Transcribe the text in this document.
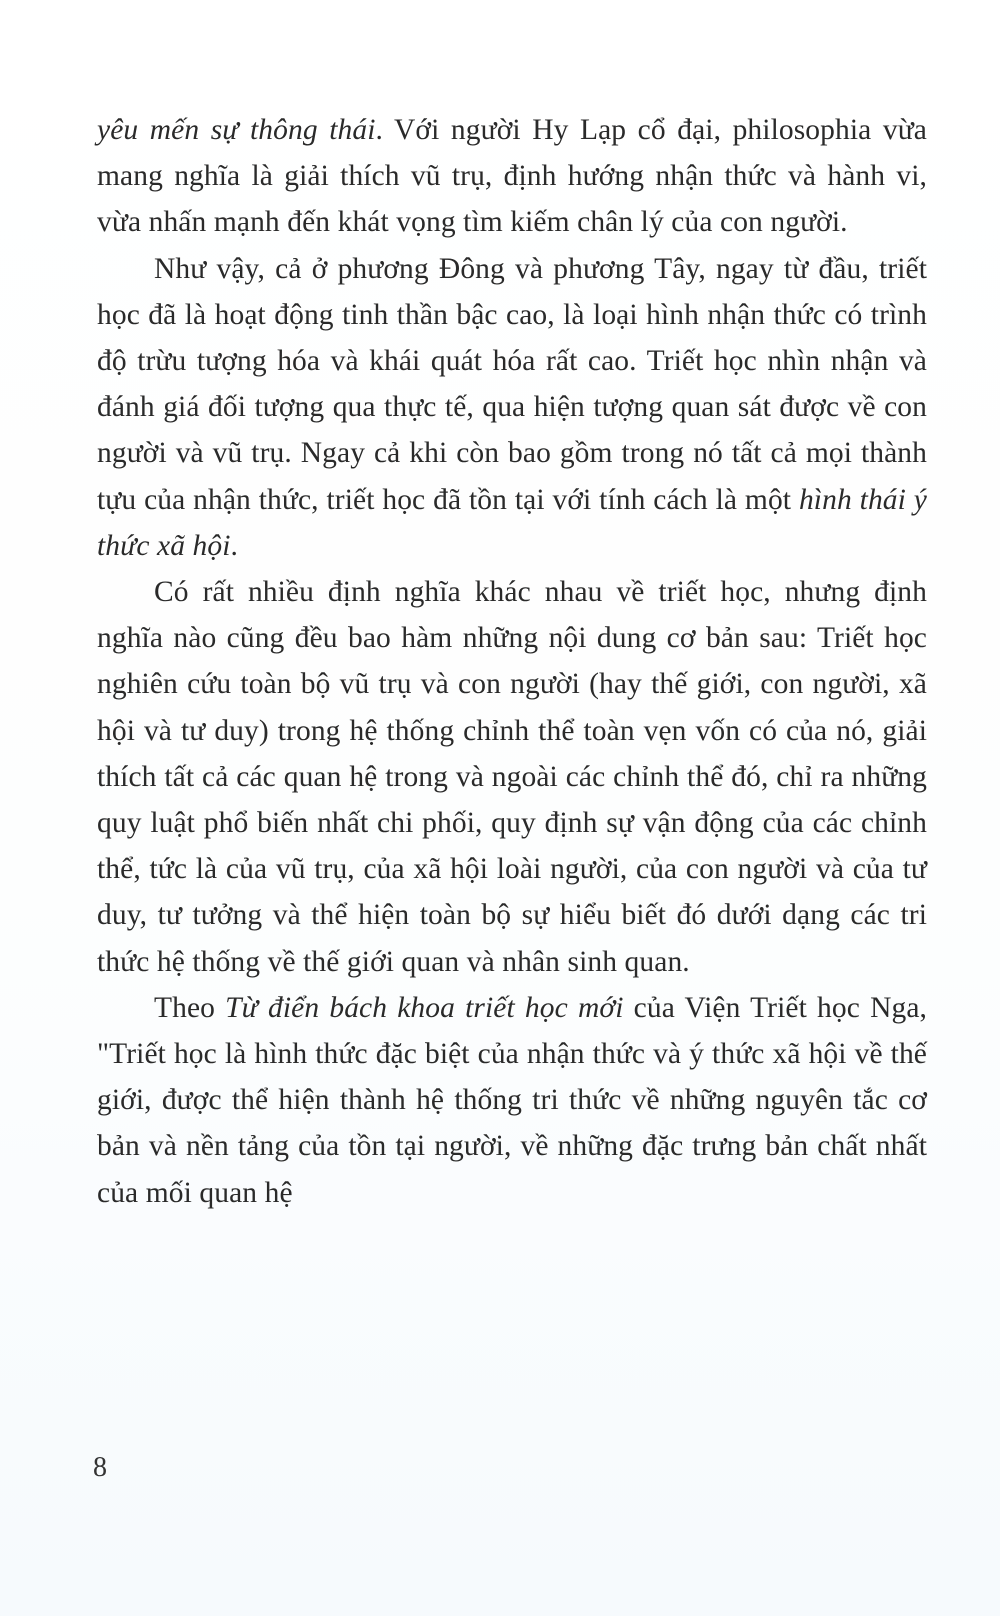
yêu mến sự thông thái. Với người Hy Lạp cổ đại, philosophia vừa mang nghĩa là giải thích vũ trụ, định hướng nhận thức và hành vi, vừa nhấn mạnh đến khát vọng tìm kiếm chân lý của con người.

Như vậy, cả ở phương Đông và phương Tây, ngay từ đầu, triết học đã là hoạt động tinh thần bậc cao, là loại hình nhận thức có trình độ trừu tượng hóa và khái quát hóa rất cao. Triết học nhìn nhận và đánh giá đối tượng qua thực tế, qua hiện tượng quan sát được về con người và vũ trụ. Ngay cả khi còn bao gồm trong nó tất cả mọi thành tựu của nhận thức, triết học đã tồn tại với tính cách là một hình thái ý thức xã hội.

Có rất nhiều định nghĩa khác nhau về triết học, nhưng định nghĩa nào cũng đều bao hàm những nội dung cơ bản sau: Triết học nghiên cứu toàn bộ vũ trụ và con người (hay thế giới, con người, xã hội và tư duy) trong hệ thống chỉnh thể toàn vẹn vốn có của nó, giải thích tất cả các quan hệ trong và ngoài các chỉnh thể đó, chỉ ra những quy luật phổ biến nhất chi phối, quy định sự vận động của các chỉnh thể, tức là của vũ trụ, của xã hội loài người, của con người và của tư duy, tư tưởng và thể hiện toàn bộ sự hiểu biết đó dưới dạng các tri thức hệ thống về thế giới quan và nhân sinh quan.

Theo Từ điển bách khoa triết học mới của Viện Triết học Nga, "Triết học là hình thức đặc biệt của nhận thức và ý thức xã hội về thế giới, được thể hiện thành hệ thống tri thức về những nguyên tắc cơ bản và nền tảng của tồn tại người, về những đặc trưng bản chất nhất của mối quan hệ

8
